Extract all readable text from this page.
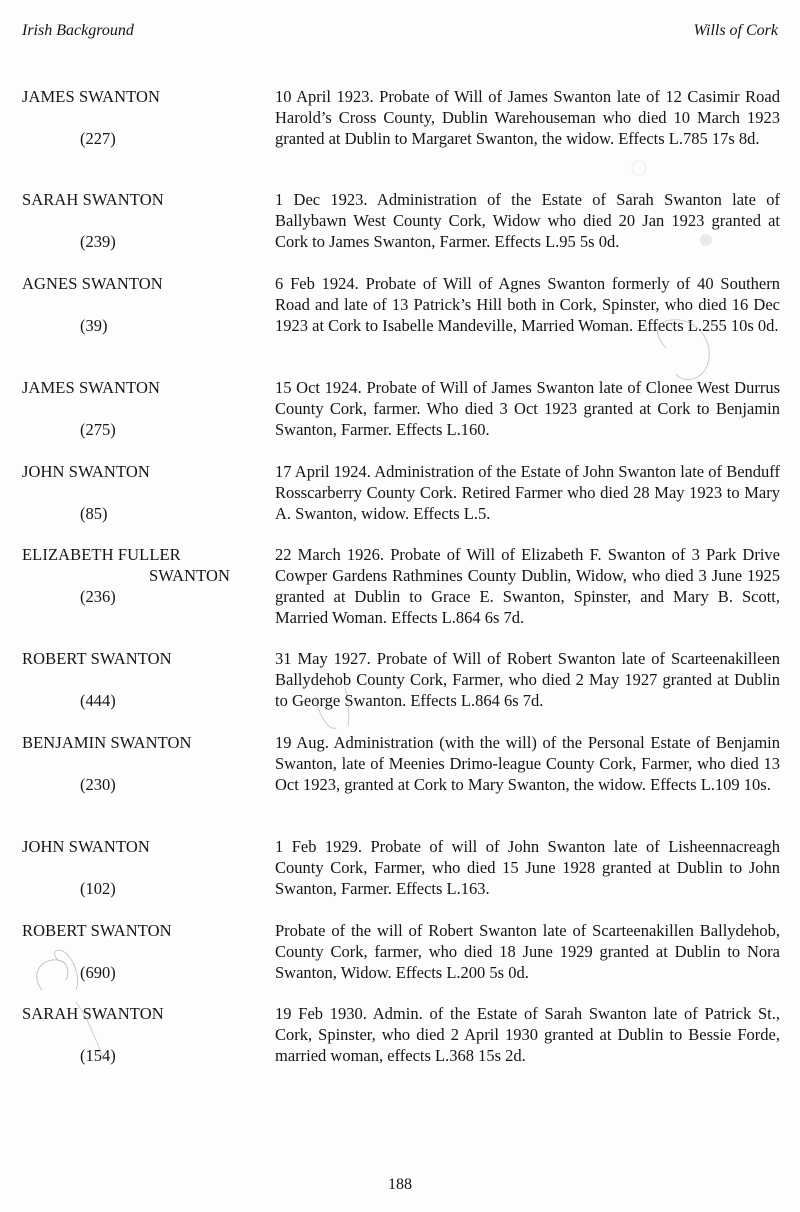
Irish Background	Wills of Cork
JAMES SWANTON
(227)
10 April 1923. Probate of Will of James Swanton late of 12 Casimir Road Harold’s Cross County, Dublin Warehouseman who died 10 March 1923 granted at Dublin to Margaret Swanton, the widow. Effects L.785 17s 8d.
SARAH SWANTON
(239)
1 Dec 1923. Administration of the Estate of Sarah Swanton late of Ballybawn West County Cork, Widow who died 20 Jan 1923 granted at Cork to James Swanton, Farmer. Effects L.95 5s 0d.
AGNES SWANTON
(39)
6 Feb 1924. Probate of Will of Agnes Swanton formerly of 40 Southern Road and late of 13 Patrick’s Hill both in Cork, Spinster, who died 16 Dec 1923 at Cork to Isabelle Mandeville, Married Woman. Effects L.255 10s 0d.
JAMES SWANTON
(275)
15 Oct 1924. Probate of Will of James Swanton late of Clonee West Durrus County Cork, farmer. Who died 3 Oct 1923 granted at Cork to Benjamin Swanton, Farmer. Effects L.160.
JOHN SWANTON
(85)
17 April 1924. Administration of the Estate of John Swanton late of Benduff Rosscarberry County Cork. Retired Farmer who died 28 May 1923 to Mary A. Swanton, widow. Effects L.5.
ELIZABETH FULLER
SWANTON
(236)
22 March 1926. Probate of Will of Elizabeth F. Swanton of 3 Park Drive Cowper Gardens Rathmines County Dublin, Widow, who died 3 June 1925 granted at Dublin to Grace E. Swanton, Spinster, and Mary B. Scott, Married Woman. Effects L.864 6s 7d.
ROBERT SWANTON
(444)
31 May 1927. Probate of Will of Robert Swanton late of Scarteenakilleen Ballydehob County Cork, Farmer, who died 2 May 1927 granted at Dublin to George Swanton. Effects L.864 6s 7d.
BENJAMIN SWANTON
(230)
19 Aug. Administration (with the will) of the Personal Estate of Benjamin Swanton, late of Meenies Drimo-league County Cork, Farmer, who died 13 Oct 1923, granted at Cork to Mary Swanton, the widow. Effects L.109 10s.
JOHN SWANTON
(102)
1 Feb 1929. Probate of will of John Swanton late of Lisheennacreagh County Cork, Farmer, who died 15 June 1928 granted at Dublin to John Swanton, Farmer. Effects L.163.
ROBERT SWANTON
(690)
Probate of the will of Robert Swanton late of Scarteenakillen Ballydehob, County Cork, farmer, who died 18 June 1929 granted at Dublin to Nora Swanton, Widow. Effects L.200 5s 0d.
SARAH SWANTON
(154)
19 Feb 1930. Admin. of the Estate of Sarah Swanton late of Patrick St., Cork, Spinster, who died 2 April 1930 granted at Dublin to Bessie Forde, married woman, effects L.368 15s 2d.
188
